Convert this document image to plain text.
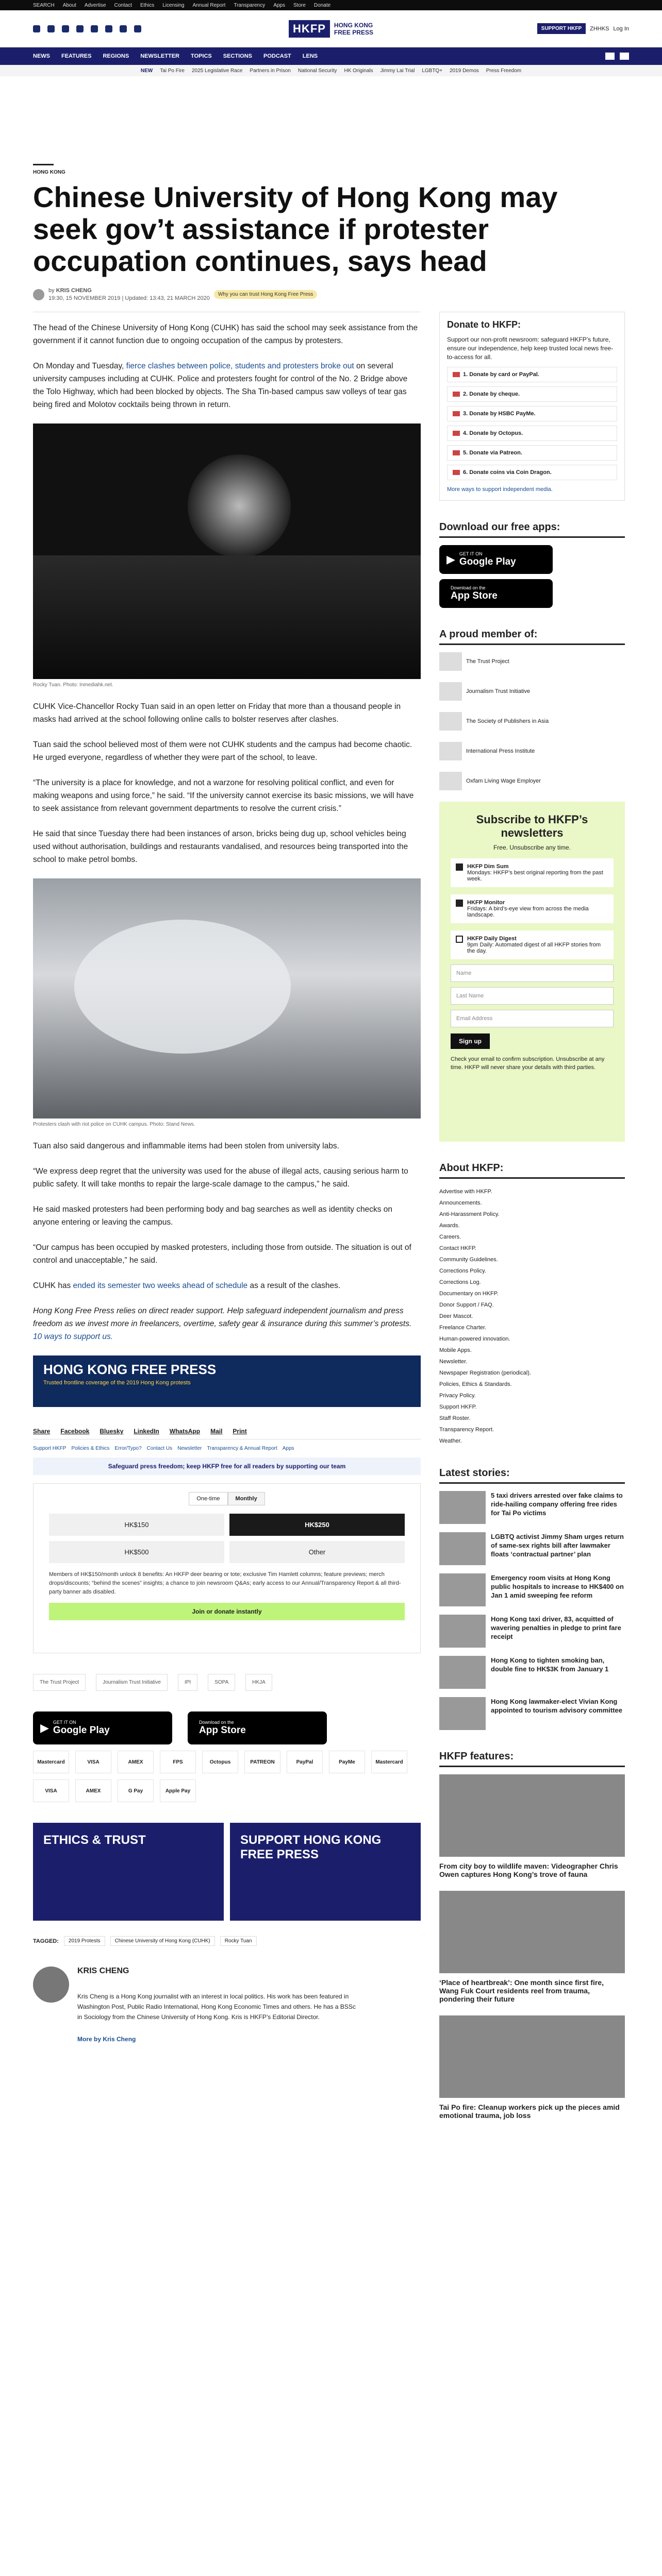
SEARCH About Advertise Contact Ethics Licensing Annual Report Transparency Apps Store Donate
HKFP	HONG KONG
FREE PRESS	SUPPORT HKFP	ZHHKS Log In
NEWS FEATURES REGIONS NEWSLETTER TOPICS SECTIONS PODCAST LENS
NEW Tai Po Fire 2025 Legislative Race Partners in Prison National Security HK Originals Jimmy Lai Trial LGBTQ+ 2019 Demos Press Freedom
HONG KONG
Chinese University of Hong Kong may seek gov’t assistance if protester occupation continues, says head
by KRIS CHENG
19:30, 15 NOVEMBER 2019 | Updated: 13:43, 21 MARCH 2020
Why you can trust Hong Kong Free Press

The head of the Chinese University of Hong Kong (CUHK) has said the school may seek assistance from the government if it cannot function due to ongoing occupation of the campus by protesters.

On Monday and Tuesday, fierce clashes between police, students and protesters broke out on several university campuses including at CUHK. Police and protesters fought for control of the No. 2 Bridge above the Tolo Highway, which had been blocked by objects. The Sha Tin-based campus saw volleys of tear gas being fired and Molotov cocktails being thrown in return.

Rocky Tuan. Photo: Inmediahk.net.

CUHK Vice-Chancellor Rocky Tuan said in an open letter on Friday that more than a thousand people in masks had arrived at the school following online calls to bolster reserves after clashes.

Tuan said the school believed most of them were not CUHK students and the campus had become chaotic. He urged everyone, regardless of whether they were part of the school, to leave.

“The university is a place for knowledge, and not a warzone for resolving political conflict, and even for making weapons and using force,” he said. “If the university cannot exercise its basic missions, we will have to seek assistance from relevant government departments to resolve the current crisis.”

He said that since Tuesday there had been instances of arson, bricks being dug up, school vehicles being used without authorisation, buildings and restaurants vandalised, and resources being transported into the school to make petrol bombs.

Protesters clash with riot police on CUHK campus. Photo: Stand News.

Tuan also said dangerous and inflammable items had been stolen from university labs.

“We express deep regret that the university was used for the abuse of illegal acts, causing serious harm to public safety. It will take months to repair the large-scale damage to the campus,” he said.

He said masked protesters had been performing body and bag searches as well as identity checks on anyone entering or leaving the campus.

“Our campus has been occupied by masked protesters, including those from outside. The situation is out of control and unacceptable,” he said.

CUHK has ended its semester two weeks ahead of schedule as a result of the clashes.

Hong Kong Free Press relies on direct reader support. Help safeguard independent journalism and press freedom as we invest more in freelancers, overtime, safety gear & insurance during this summer’s protests. 10 ways to support us.

HONG KONG FREE PRESS
Trusted frontline coverage of the 2019 Hong Kong protests
Share Facebook Bluesky LinkedIn WhatsApp Mail Print
Support HKFP Policies & Ethics Error/Typo? Contact Us Newsletter Transparency & Annual Report Apps
Safeguard press freedom; keep HKFP free for all readers by supporting our team
One-time	Monthly
HK$150	HK$250
HK$500	Other
Members of HK$150/month unlock 8 benefits: An HKFP deer bearing or tote; exclusive Tim Hamlett columns; feature previews; merch drops/discounts; “behind the scenes” insights; a chance to join newsroom Q&As; early access to our Annual/Transparency Report & all third-party banner ads disabled.
Join or donate instantly
The Trust Project	Journalism Trust Initiative	IPI	SOPA	HKJA
▶ GET IT ON
Google Play
Download on the
App Store
Mastercard	VISA	AMEX	FPS	Octopus	PATREON	PayPal	PayMe	Mastercard
VISA	AMEX	G Pay	Apple Pay
ETHICS & TRUST	SUPPORT HONG KONG FREE PRESS
TAGGED:	2019 Protests	Chinese University of Hong Kong (CUHK)	Rocky Tuan
KRIS CHENG

Kris Cheng is a Hong Kong journalist with an interest in local politics. His work has been featured in Washington Post, Public Radio International, Hong Kong Economic Times and others. He has a BSSc in Sociology from the Chinese University of Hong Kong. Kris is HKFP’s Editorial Director.

More by Kris Cheng
Donate to HKFP:

Support our non-profit newsroom: safeguard HKFP’s future, ensure our independence, help keep trusted local news free-to-access for all.

1. Donate by card or PayPal.
2. Donate by cheque.
3. Donate by HSBC PayMe.
4. Donate by Octopus.
5. Donate via Patreon.
6. Donate coins via Coin Dragon.
More ways to support independent media.
Download our free apps:
▶ GET IT ON
Google Play

Download on the
App Store
A proud member of:
The Trust Project
Journalism Trust Initiative
The Society of Publishers in Asia
International Press Institute
Oxfam Living Wage Employer
Subscribe to HKFP’s newsletters
Free. Unsubscribe any time.
HKFP Dim Sum
Mondays: HKFP’s best original reporting from the past week.
HKFP Monitor
Fridays: A bird’s-eye view from across the media landscape.
HKFP Daily Digest
9pm Daily: Automated digest of all HKFP stories from the day.
Name
Last Name
Email Address
Sign up

Check your email to confirm subscription. Unsubscribe at any time. HKFP will never share your details with third parties.

About HKFP:
Advertise with HKFP.
Announcements.
Anti-Harassment Policy.
Awards.
Careers.
Contact HKFP.
Community Guidelines.
Corrections Policy.
Corrections Log.
Documentary on HKFP.
Donor Support / FAQ.
Deer Mascot.
Freelance Charter.
Human-powered innovation.
Mobile Apps.
Newsletter.
Newspaper Registration (periodical).
Policies, Ethics & Standards.
Privacy Policy.
Support HKFP.
Staff Roster.
Transparency Report.
Weather.
Latest stories:
5 taxi drivers arrested over fake claims to ride-hailing company offering free rides for Tai Po victims
LGBTQ activist Jimmy Sham urges return of same-sex rights bill after lawmaker floats ‘contractual partner’ plan
Emergency room visits at Hong Kong public hospitals to increase to HK$400 on Jan 1 amid sweeping fee reform
Hong Kong taxi driver, 83, acquitted of wavering penalties in pledge to print fare receipt
Hong Kong to tighten smoking ban, double fine to HK$3K from January 1
Hong Kong lawmaker-elect Vivian Kong appointed to tourism advisory committee
HKFP features:
From city boy to wildlife maven: Videographer Chris Owen captures Hong Kong’s trove of fauna
‘Place of heartbreak’: One month since first fire, Wang Fuk Court residents reel from trauma, pondering their future
Tai Po fire: Cleanup workers pick up the pieces amid emotional trauma, job loss
